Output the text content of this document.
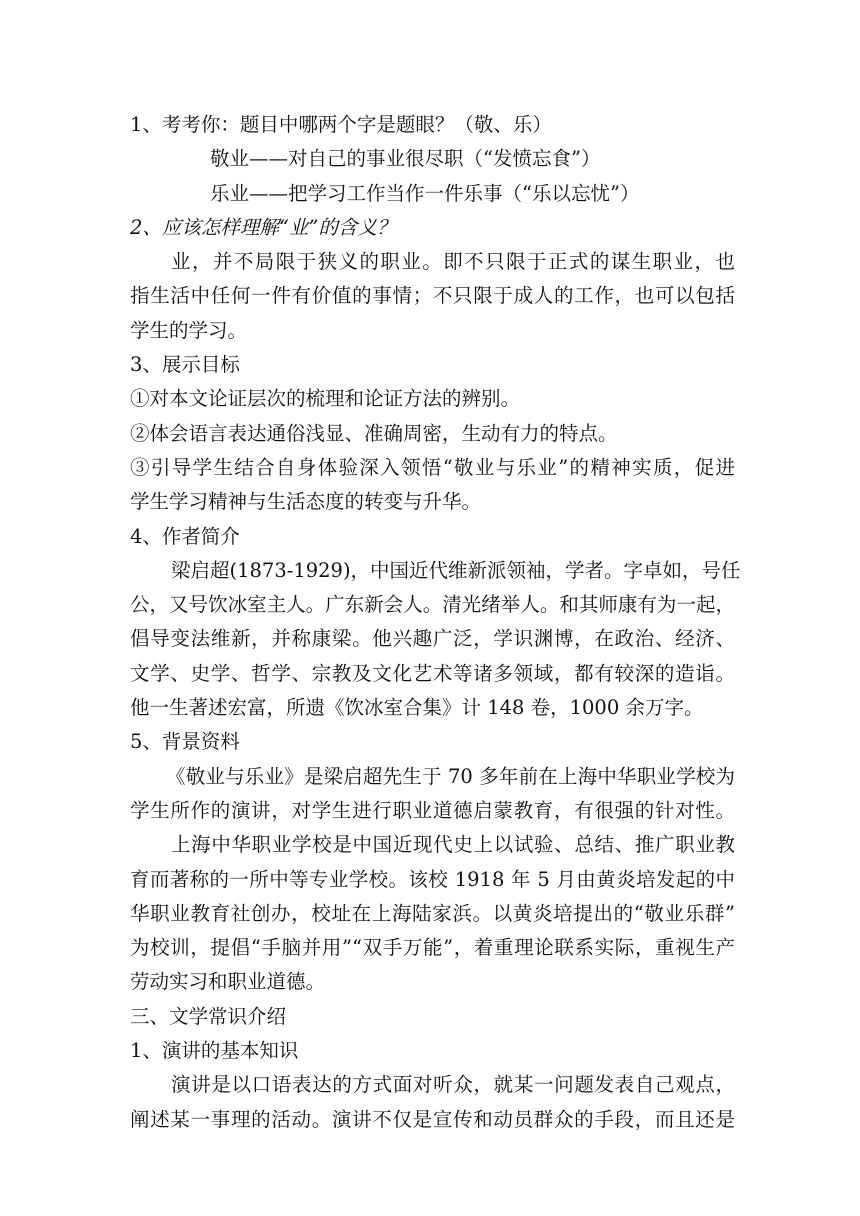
1、考考你：题目中哪两个字是题眼？（敬、乐）
敬业——对自己的事业很尽职（“发愤忘食”）
乐业——把学习工作当作一件乐事（“乐以忘忧”）
2、应该怎样理解“业”的含义？
业，并不局限于狭义的职业。即不只限于正式的谋生职业，也
指生活中任何一件有价值的事情；不只限于成人的工作，也可以包括
学生的学习。
3、展示目标
①对本文论证层次的梳理和论证方法的辨别。
②体会语言表达通俗浅显、准确周密，生动有力的特点。
③引导学生结合自身体验深入领悟“敬业与乐业”的精神实质，促进
学生学习精神与生活态度的转变与升华。
4、作者简介
梁启超(1873-1929)，中国近代维新派领袖，学者。字卓如，号任
公，又号饮冰室主人。广东新会人。清光绪举人。和其师康有为一起，
倡导变法维新，并称康梁。他兴趣广泛，学识渊博，在政治、经济、
文学、史学、哲学、宗教及文化艺术等诸多领域，都有较深的造诣。
他一生著述宏富，所遗《饮冰室合集》计 148 卷，1000 余万字。
5、背景资料
《敬业与乐业》是梁启超先生于 70 多年前在上海中华职业学校为
学生所作的演讲，对学生进行职业道德启蒙教育，有很强的针对性。
上海中华职业学校是中国近现代史上以试验、总结、推广职业教
育而著称的一所中等专业学校。该校 1918 年 5 月由黄炎培发起的中
华职业教育社创办，校址在上海陆家浜。以黄炎培提出的“敬业乐群”
为校训，提倡“手脑并用”“双手万能”，着重理论联系实际，重视生产
劳动实习和职业道德。
三、文学常识介绍
1、演讲的基本知识
演讲是以口语表达的方式面对听众，就某一问题发表自己观点，
阐述某一事理的活动。演讲不仅是宣传和动员群众的手段，而且还是
